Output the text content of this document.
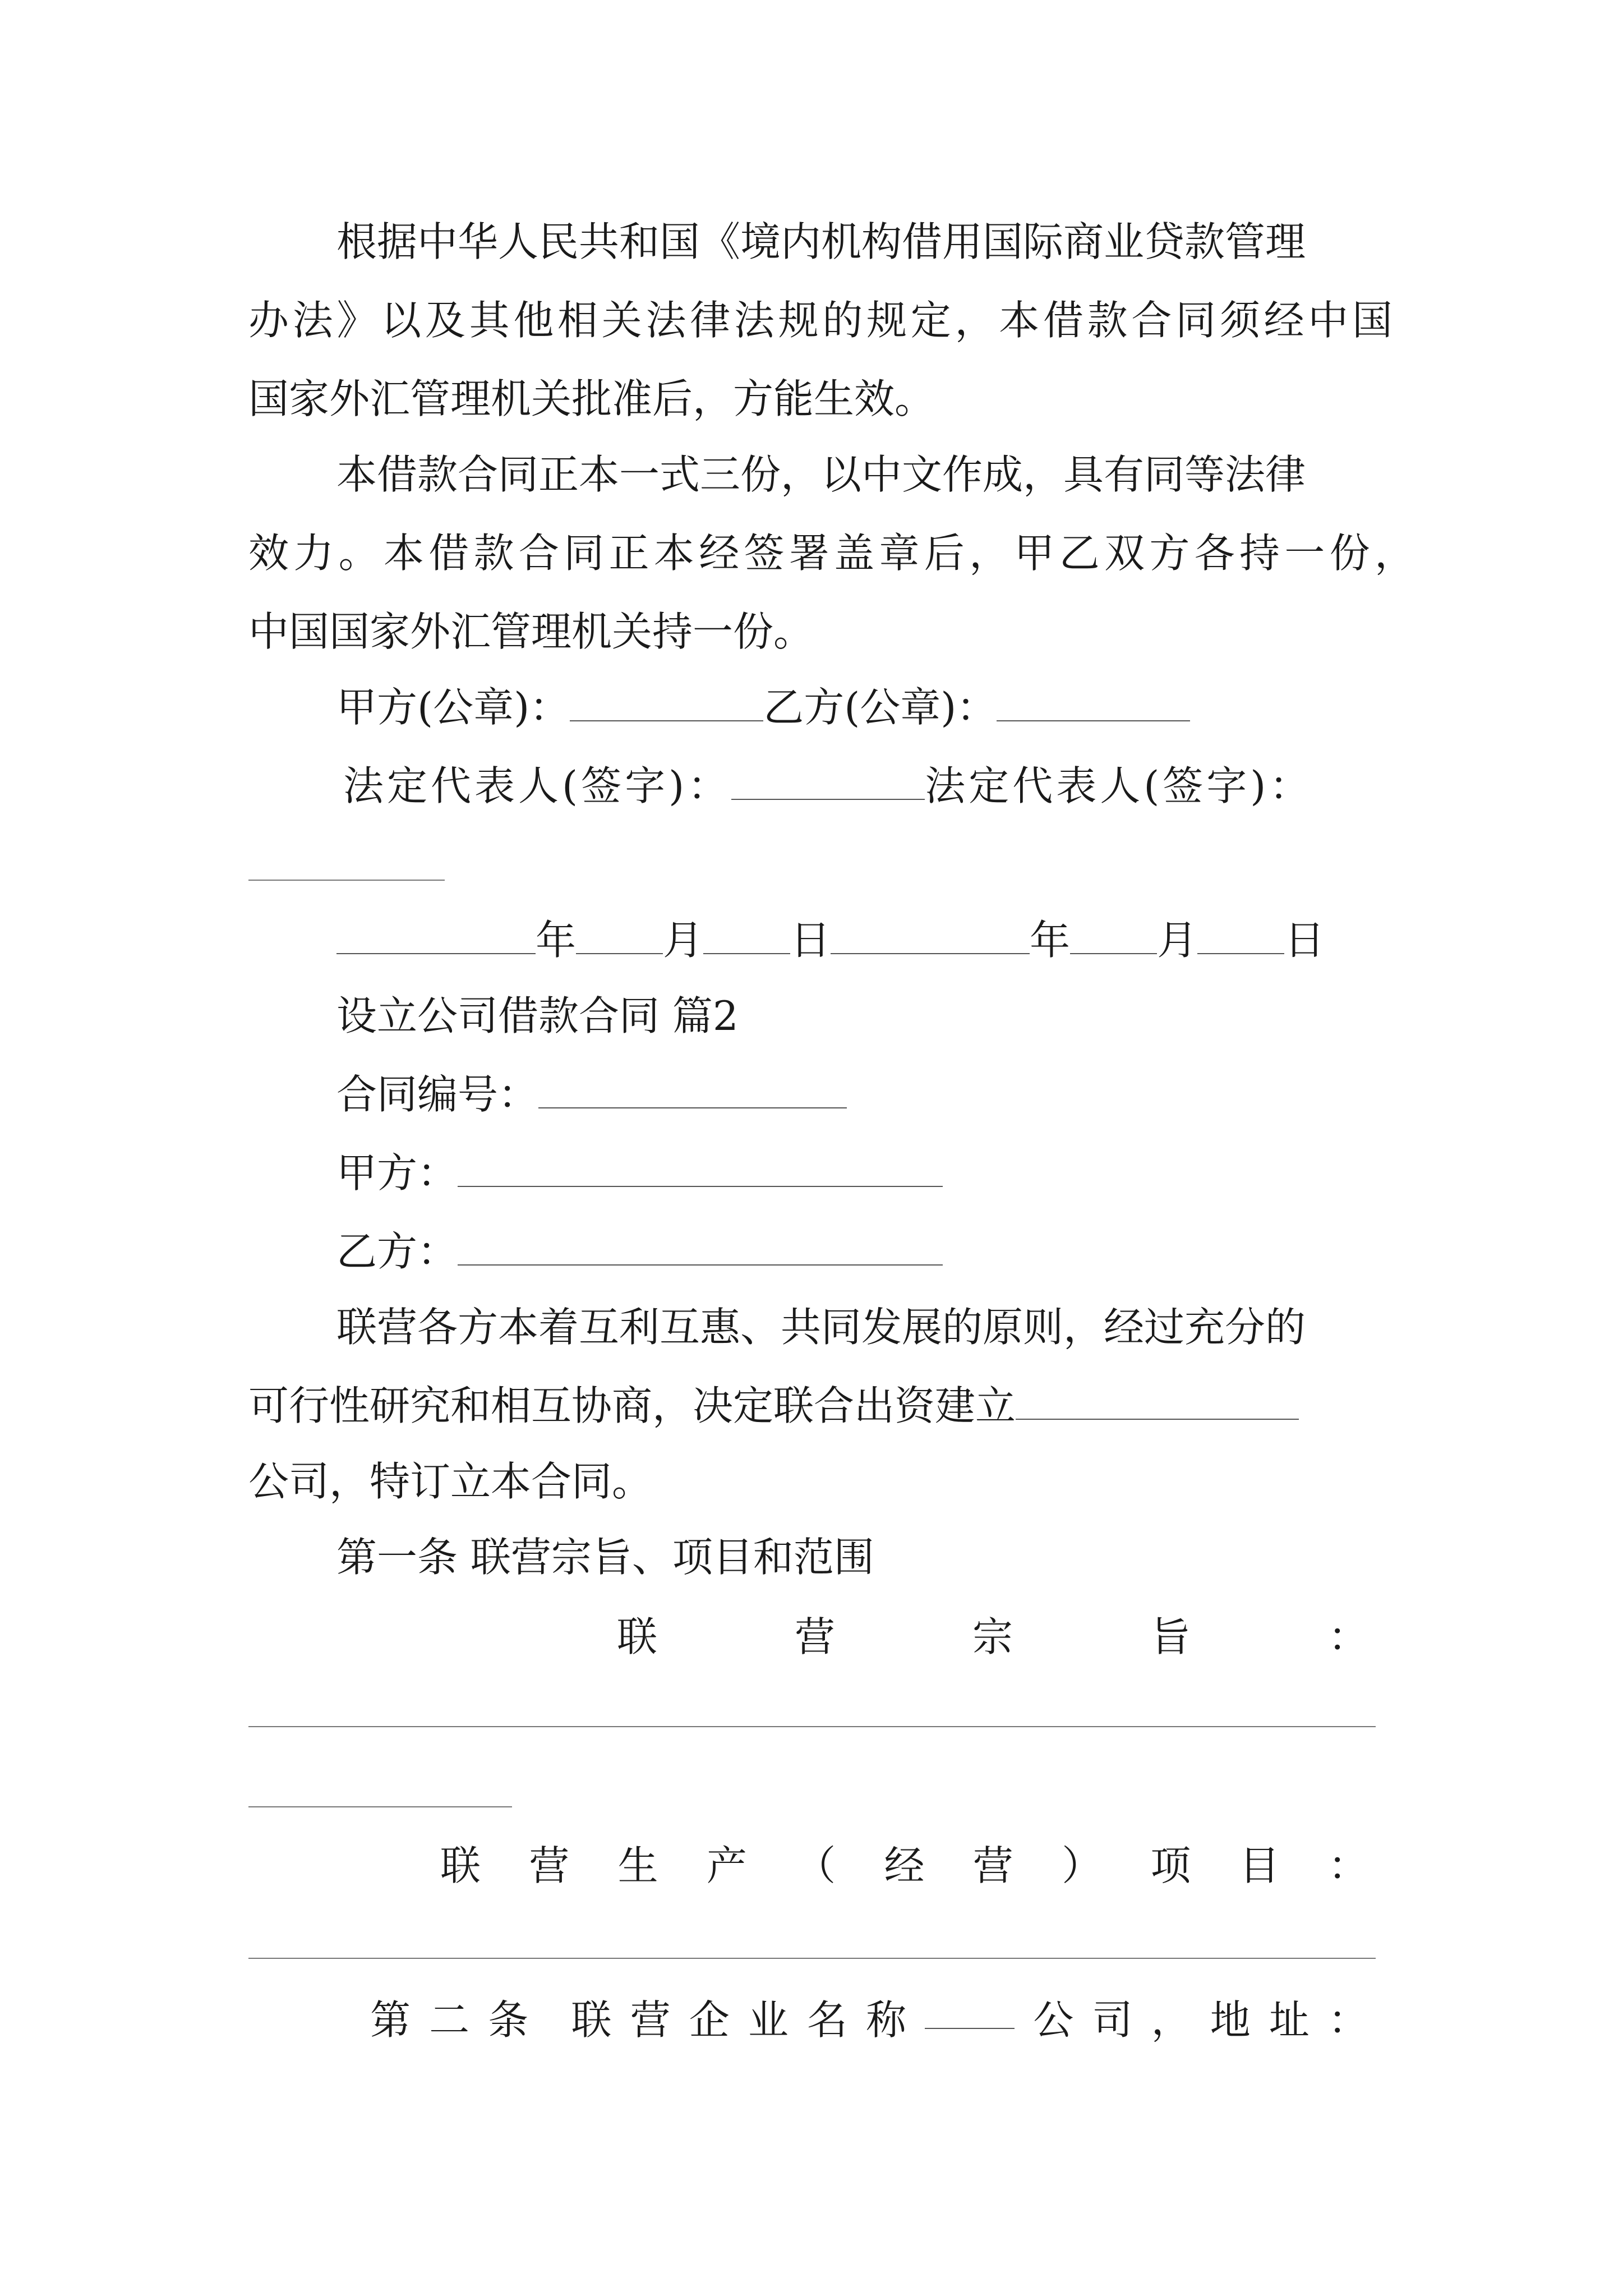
根据中华人民共和国《境内机构借用国际商业贷款管理
办法》以及其他相关法律法规的规定，本借款合同须经中国
国家外汇管理机关批准后，方能生效。
本借款合同正本一式三份，以中文作成，具有同等法律
效力。本借款合同正本经签署盖章后，甲乙双方各持一份，
中国国家外汇管理机关持一份。
甲方(公章)：	乙方(公章)：
法定代表人(签字)：	法定代表人(签字)：
年 月 日	年 月 日
设立公司借款合同 篇2
合同编号：
甲方：
乙方：
联营各方本着互利互惠、共同发展的原则，经过充分的
可行性研究和相互协商，决定联合出资建立
公司，特订立本合同。
第一条 联营宗旨、项目和范围
联	营	宗	旨	：
联 营 生 产 （ 经 营 ） 项 目 ：
第 二 条 联 营 企 业 名 称	公 司 ， 地 址 ：
